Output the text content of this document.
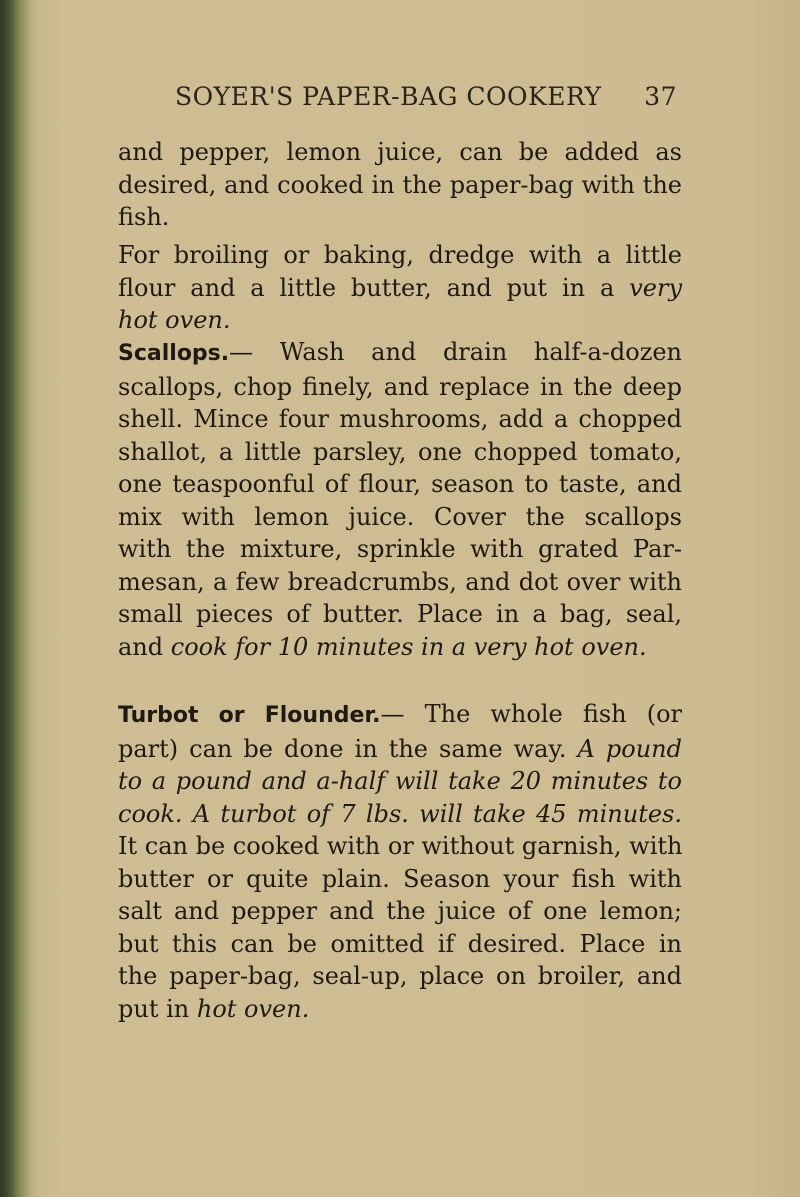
SOYER'S PAPER-BAG COOKERY 37
and pepper, lemon juice, can be added as
desired, and cooked in the paper-bag with the
fish.
For broiling or baking, dredge with a little
flour and a little butter, and put in a very
hot oven.
Scallops.— Wash and drain half-a-dozen
scallops, chop finely, and replace in the deep
shell. Mince four mushrooms, add a chopped
shallot, a little parsley, one chopped tomato,
one teaspoonful of flour, season to taste, and
mix with lemon juice. Cover the scallops
with the mixture, sprinkle with grated Par-
mesan, a few breadcrumbs, and dot over with
small pieces of butter. Place in a bag, seal,
and cook for 10 minutes in a very hot oven.
Turbot or Flounder.— The whole fish (or
part) can be done in the same way. A pound
to a pound and a-half will take 20 minutes to
cook. A turbot of 7 lbs. will take 45 minutes.
It can be cooked with or without garnish, with
butter or quite plain. Season your fish with
salt and pepper and the juice of one lemon;
but this can be omitted if desired. Place in
the paper-bag, seal-up, place on broiler, and
put in hot oven.
